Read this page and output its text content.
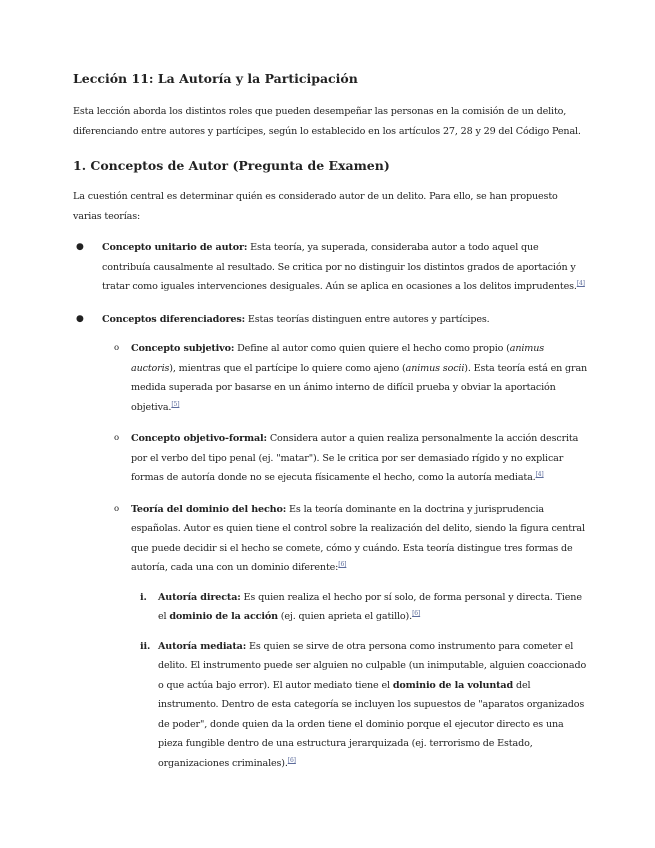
Lección 11: La Autoría y la Participación

Esta lección aborda los distintos roles que pueden desempeñar las personas en la comisión de un delito, diferenciando entre autores y partícipes, según lo establecido en los artículos 27, 28 y 29 del Código Penal.

1. Conceptos de Autor (Pregunta de Examen)

La cuestión central es determinar quién es considerado autor de un delito. Para ello, se han propuesto varias teorías:

● Concepto unitario de autor: Esta teoría, ya superada, consideraba autor a todo aquel que contribuía causalmente al resultado. Se critica por no distinguir los distintos grados de aportación y tratar como iguales intervenciones desiguales. Aún se aplica en ocasiones a los delitos imprudentes.[4]
● Conceptos diferenciadores: Estas teorías distinguen entre autores y partícipes.
o Concepto subjetivo: Define al autor como quien quiere el hecho como propio (animus auctoris), mientras que el partícipe lo quiere como ajeno (animus socii). Esta teoría está en gran medida superada por basarse en un ánimo interno de difícil prueba y obviar la aportación objetiva.[5]
o Concepto objetivo-formal: Considera autor a quien realiza personalmente la acción descrita por el verbo del tipo penal (ej. "matar"). Se le critica por ser demasiado rígido y no explicar formas de autoría donde no se ejecuta físicamente el hecho, como la autoría mediata.[4]
o Teoría del dominio del hecho: Es la teoría dominante en la doctrina y jurisprudencia españolas. Autor es quien tiene el control sobre la realización del delito, siendo la figura central que puede decidir si el hecho se comete, cómo y cuándo. Esta teoría distingue tres formas de autoría, cada una con un dominio diferente:[6]
i. Autoría directa: Es quien realiza el hecho por sí solo, de forma personal y directa. Tiene el dominio de la acción (ej. quien aprieta el gatillo).[6]
ii. Autoría mediata: Es quien se sirve de otra persona como instrumento para cometer el delito. El instrumento puede ser alguien no culpable (un inimputable, alguien coaccionado o que actúa bajo error). El autor mediato tiene el dominio de la voluntad del instrumento. Dentro de esta categoría se incluyen los supuestos de "aparatos organizados de poder", donde quien da la orden tiene el dominio porque el ejecutor directo es una pieza fungible dentro de una estructura jerarquizada (ej. terrorismo de Estado, organizaciones criminales).[6]
